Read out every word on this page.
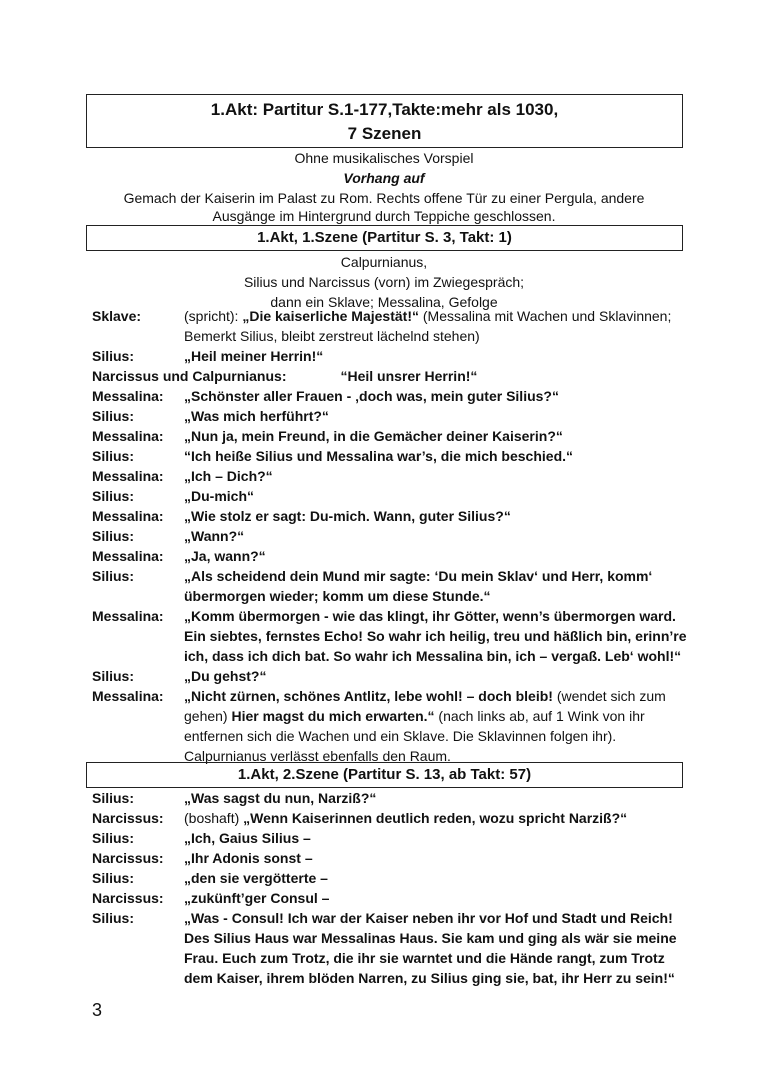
1.Akt: Partitur S.1-177,Takte:mehr als 1030,
7 Szenen
Ohne musikalisches Vorspiel
Vorhang auf
Gemach der Kaiserin im Palast zu Rom. Rechts offene Tür zu einer Pergula, andere
Ausgänge im Hintergrund durch Teppiche geschlossen.
1.Akt, 1.Szene (Partitur S. 3, Takt: 1)
Calpurnianus,
Silius und Narcissus (vorn) im Zwiegespräch;
dann ein Sklave; Messalina, Gefolge
Sklave:	(spricht): „Die kaiserliche Majestät!“ (Messalina mit Wachen und Sklavinnen; Bemerkt Silius, bleibt zerstreut lächelnd stehen)
Silius:	„Heil meiner Herrin!“
Narcissus und Calpurnianus:	“Heil unsrer Herrin!“
Messalina:	„Schönster aller Frauen - ‚doch was, mein guter Silius?“
Silius:	„Was mich herführt?“
Messalina:	„Nun ja, mein Freund, in die Gemächer deiner Kaiserin?“
Silius:	“Ich heiße Silius und Messalina war’s, die mich beschied.“
Messalina:	„Ich – Dich?“
Silius:	„Du-mich“
Messalina:	„Wie stolz er sagt: Du-mich. Wann, guter Silius?“
Silius:	„Wann?“
Messalina:	„Ja, wann?“
Silius:	„Als scheidend dein Mund mir sagte: ‘Du mein Sklav‘ und Herr, komm‘ übermorgen wieder; komm um diese Stunde.“
Messalina:	„Komm übermorgen - wie das klingt, ihr Götter, wenn’s übermorgen ward. Ein siebtes, fernstes Echo! So wahr ich heilig, treu und häßlich bin, erinn’re ich, dass ich dich bat. So wahr ich Messalina bin, ich – vergaß. Leb‘ wohl!“
Silius:	„Du gehst?“
Messalina:	„Nicht zürnen, schönes Antlitz, lebe wohl! – doch bleib! (wendet sich zum gehen) Hier magst du mich erwarten.“ (nach links ab, auf 1 Wink von ihr entfernen sich die Wachen und ein Sklave. Die Sklavinnen folgen ihr). Calpurnianus verlässt ebenfalls den Raum.
1.Akt, 2.Szene (Partitur S. 13, ab Takt: 57)
Silius:	„Was sagst du nun, Narziß?“
Narcissus:	(boshaft) „Wenn Kaiserinnen deutlich reden, wozu spricht Narziß?“
Silius:	„Ich, Gaius Silius –
Narcissus:	„Ihr Adonis sonst –
Silius:	„den sie vergötterte –
Narcissus:	„zukünft’ger Consul –
Silius:	„Was - Consul! Ich war der Kaiser neben ihr vor Hof und Stadt und Reich! Des Silius Haus war Messalinas Haus. Sie kam und ging als wär sie meine Frau. Euch zum Trotz, die ihr sie warntet und die Hände rangt, zum Trotz dem Kaiser, ihrem blöden Narren, zu Silius ging sie, bat, ihr Herr zu sein!“
3
